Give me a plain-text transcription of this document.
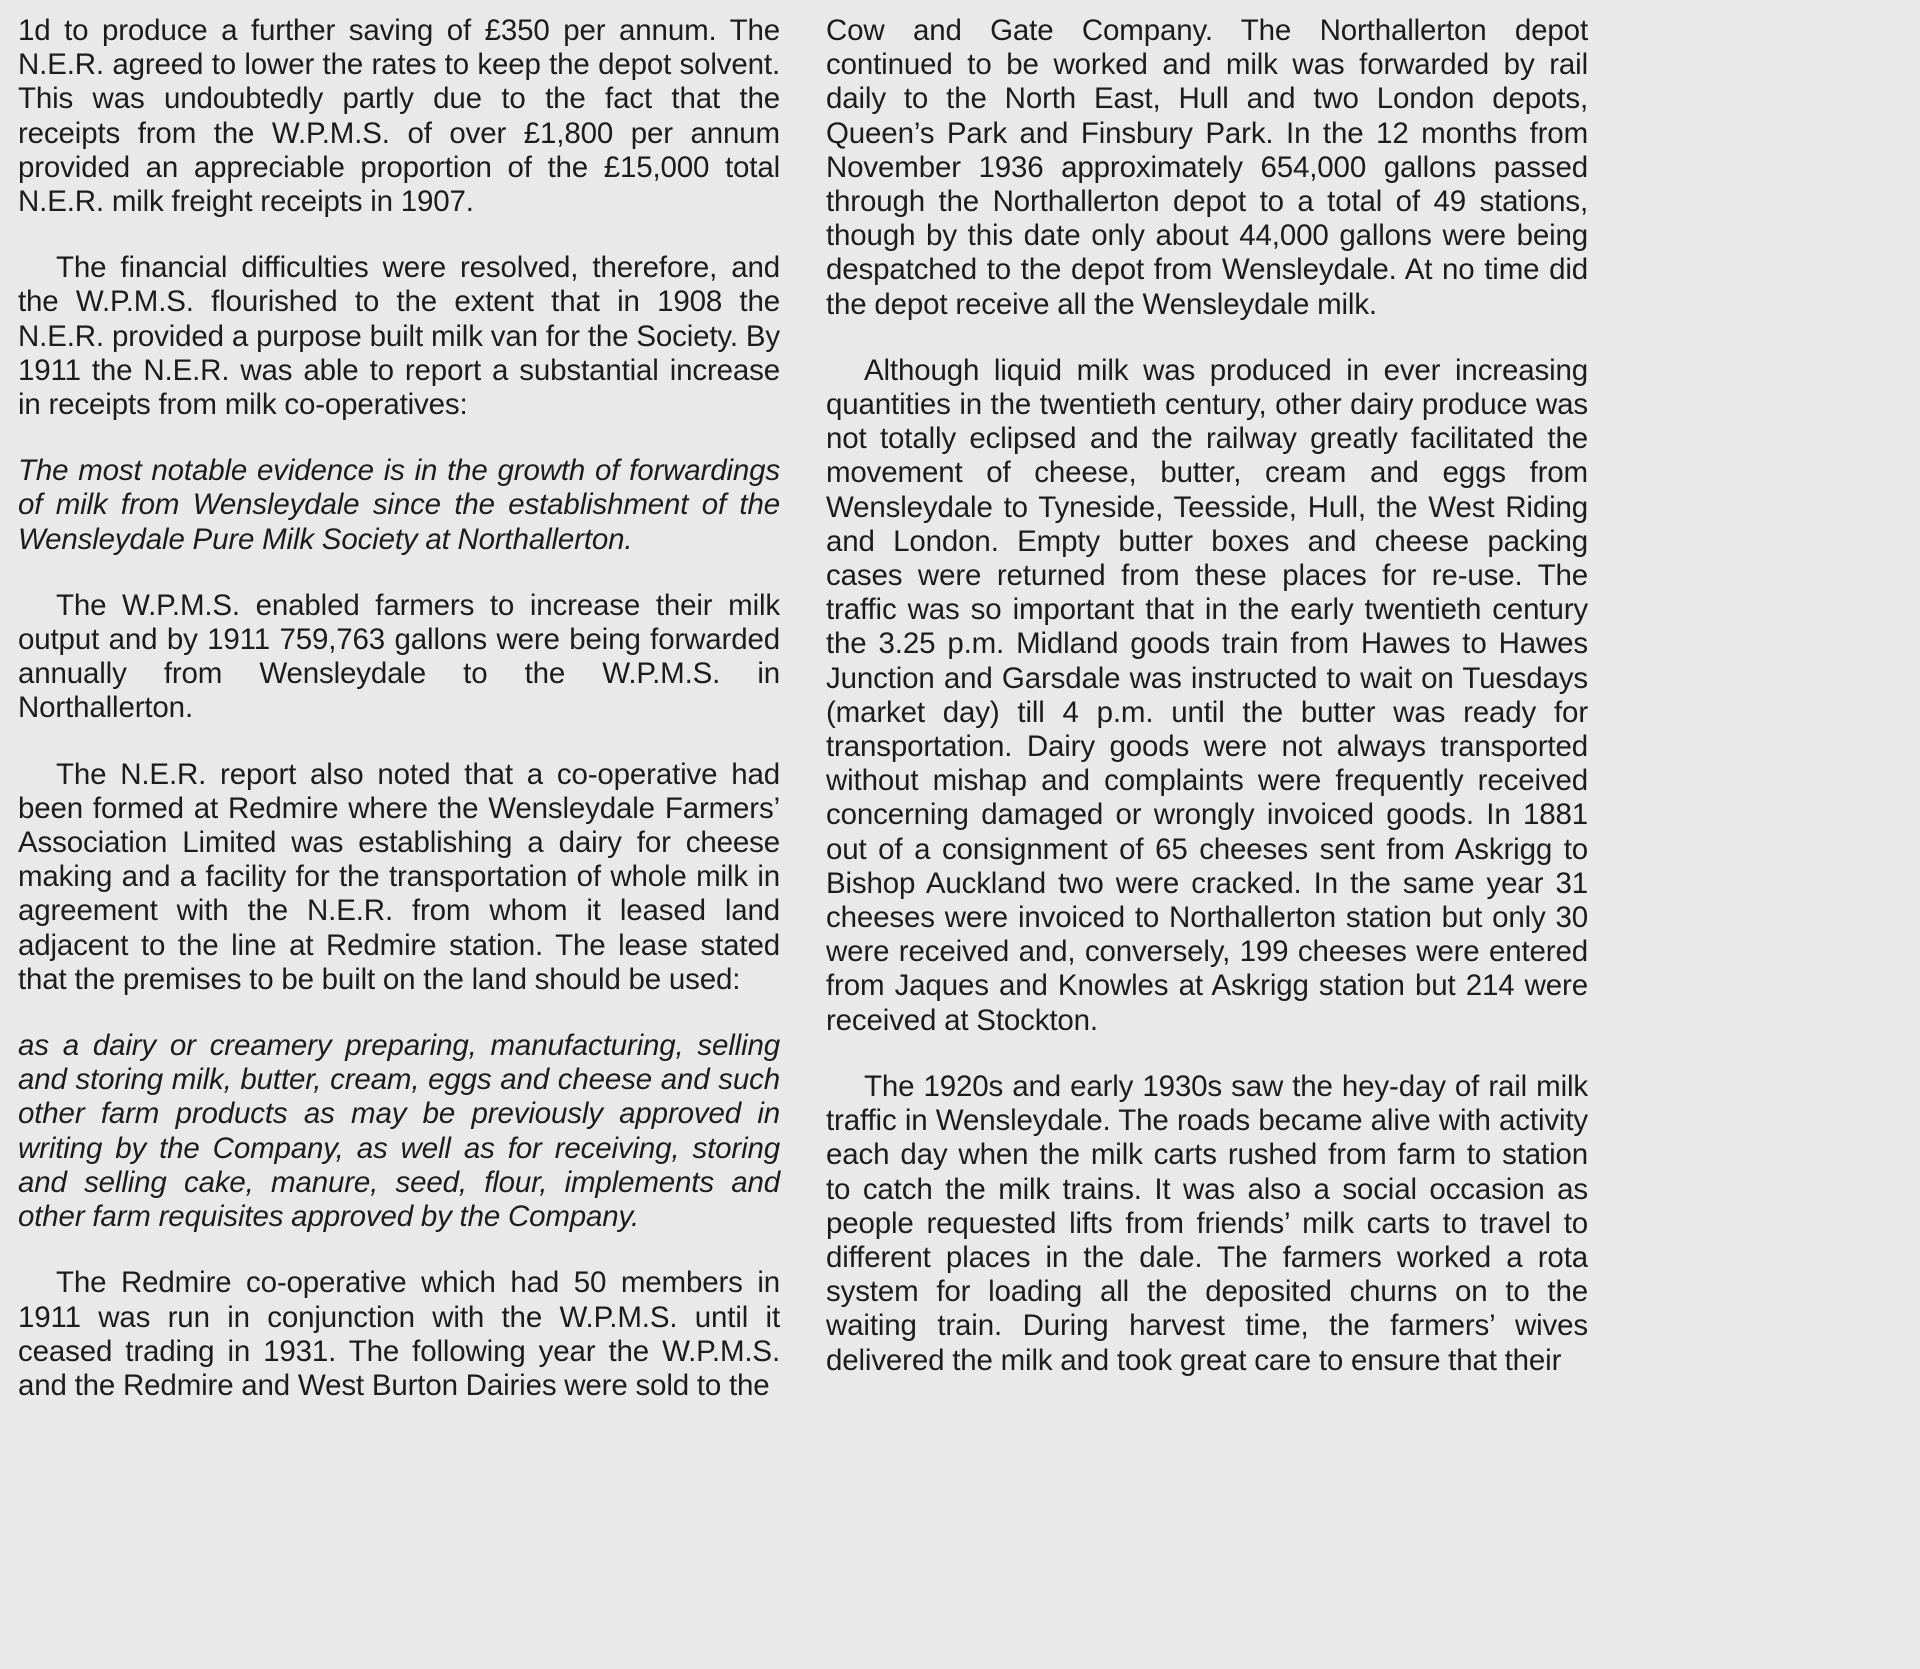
1d to produce a further saving of £350 per annum. The N.E.R. agreed to lower the rates to keep the depot solvent. This was undoubtedly partly due to the fact that the receipts from the W.P.M.S. of over £1,800 per annum provided an appreciable proportion of the £15,000 total N.E.R. milk freight receipts in 1907.

The financial difficulties were resolved, therefore, and the W.P.M.S. flourished to the extent that in 1908 the N.E.R. provided a purpose built milk van for the Society. By 1911 the N.E.R. was able to report a substantial increase in receipts from milk co-operatives:

The most notable evidence is in the growth of forwardings of milk from Wensleydale since the establishment of the Wensleydale Pure Milk Society at Northallerton.

The W.P.M.S. enabled farmers to increase their milk output and by 1911 759,763 gallons were being forwarded annually from Wensleydale to the W.P.M.S. in Northallerton.

The N.E.R. report also noted that a co-operative had been formed at Redmire where the Wensleydale Farmers’ Association Limited was establishing a dairy for cheese making and a facility for the transportation of whole milk in agreement with the N.E.R. from whom it leased land adjacent to the line at Redmire station. The lease stated that the premises to be built on the land should be used:

as a dairy or creamery preparing, manufacturing, selling and storing milk, butter, cream, eggs and cheese and such other farm products as may be previously approved in writing by the Company, as well as for receiving, storing and selling cake, manure, seed, flour, implements and other farm requisites approved by the Company.

The Redmire co-operative which had 50 members in 1911 was run in conjunction with the W.P.M.S. until it ceased trading in 1931. The following year the W.P.M.S. and the Redmire and West Burton Dairies were sold to the

Cow and Gate Company. The Northallerton depot continued to be worked and milk was forwarded by rail daily to the North East, Hull and two London depots, Queen’s Park and Finsbury Park. In the 12 months from November 1936 approximately 654,000 gallons passed through the Northallerton depot to a total of 49 stations, though by this date only about 44,000 gallons were being despatched to the depot from Wensleydale. At no time did the depot receive all the Wensleydale milk.

Although liquid milk was produced in ever increasing quantities in the twentieth century, other dairy produce was not totally eclipsed and the railway greatly facilitated the movement of cheese, butter, cream and eggs from Wensleydale to Tyneside, Teesside, Hull, the West Riding and London. Empty butter boxes and cheese packing cases were returned from these places for re-use. The traffic was so important that in the early twentieth century the 3.25 p.m. Midland goods train from Hawes to Hawes Junction and Garsdale was instructed to wait on Tuesdays (market day) till 4 p.m. until the butter was ready for transportation. Dairy goods were not always transported without mishap and complaints were frequently received concerning damaged or wrongly invoiced goods. In 1881 out of a consignment of 65 cheeses sent from Askrigg to Bishop Auckland two were cracked. In the same year 31 cheeses were invoiced to Northallerton station but only 30 were received and, conversely, 199 cheeses were entered from Jaques and Knowles at Askrigg station but 214 were received at Stockton.

The 1920s and early 1930s saw the hey-day of rail milk traffic in Wensleydale. The roads became alive with activity each day when the milk carts rushed from farm to station to catch the milk trains. It was also a social occasion as people requested lifts from friends’ milk carts to travel to different places in the dale. The farmers worked a rota system for loading all the deposited churns on to the waiting train. During harvest time, the farmers’ wives delivered the milk and took great care to ensure that their
